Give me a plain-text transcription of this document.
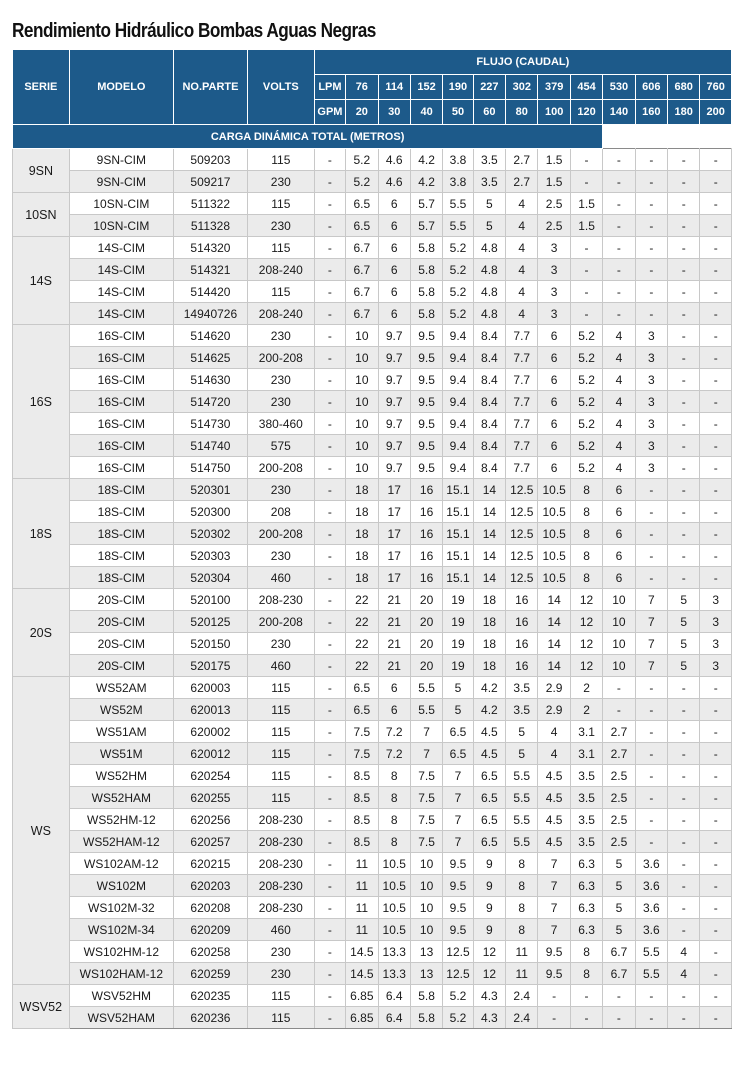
Rendimiento Hidráulico Bombas Aguas Negras
SERIE	MODELO	NO.PARTE	VOLTS	FLUJO (CAUDAL)												
				LPM	76	114	152	190	227	302	379	454	530	606	680	760
				GPM	20	30	40	50	60	80	100	120	140	160	180	200
CARGA DINÁMICA TOTAL (METROS)																
9SN	9SN-CIM	509203	115	-	5.2	4.6	4.2	3.8	3.5	2.7	1.5	-	-	-	-	-
	9SN-CIM	509217	230	-	5.2	4.6	4.2	3.8	3.5	2.7	1.5	-	-	-	-	-
10SN	10SN-CIM	511322	115	-	6.5	6	5.7	5.5	5	4	2.5	1.5	-	-	-	-
	10SN-CIM	511328	230	-	6.5	6	5.7	5.5	5	4	2.5	1.5	-	-	-	-
14S	14S-CIM	514320	115	-	6.7	6	5.8	5.2	4.8	4	3	-	-	-	-	-
	14S-CIM	514321	208-240	-	6.7	6	5.8	5.2	4.8	4	3	-	-	-	-	-
	14S-CIM	514420	115	-	6.7	6	5.8	5.2	4.8	4	3	-	-	-	-	-
	14S-CIM	14940726	208-240	-	6.7	6	5.8	5.2	4.8	4	3	-	-	-	-	-
16S	16S-CIM	514620	230	-	10	9.7	9.5	9.4	8.4	7.7	6	5.2	4	3	-	-
	16S-CIM	514625	200-208	-	10	9.7	9.5	9.4	8.4	7.7	6	5.2	4	3	-	-
	16S-CIM	514630	230	-	10	9.7	9.5	9.4	8.4	7.7	6	5.2	4	3	-	-
	16S-CIM	514720	230	-	10	9.7	9.5	9.4	8.4	7.7	6	5.2	4	3	-	-
	16S-CIM	514730	380-460	-	10	9.7	9.5	9.4	8.4	7.7	6	5.2	4	3	-	-
	16S-CIM	514740	575	-	10	9.7	9.5	9.4	8.4	7.7	6	5.2	4	3	-	-
	16S-CIM	514750	200-208	-	10	9.7	9.5	9.4	8.4	7.7	6	5.2	4	3	-	-
18S	18S-CIM	520301	230	-	18	17	16	15.1	14	12.5	10.5	8	6	-	-	-
	18S-CIM	520300	208	-	18	17	16	15.1	14	12.5	10.5	8	6	-	-	-
	18S-CIM	520302	200-208	-	18	17	16	15.1	14	12.5	10.5	8	6	-	-	-
	18S-CIM	520303	230	-	18	17	16	15.1	14	12.5	10.5	8	6	-	-	-
	18S-CIM	520304	460	-	18	17	16	15.1	14	12.5	10.5	8	6	-	-	-
20S	20S-CIM	520100	208-230	-	22	21	20	19	18	16	14	12	10	7	5	3
	20S-CIM	520125	200-208	-	22	21	20	19	18	16	14	12	10	7	5	3
	20S-CIM	520150	230	-	22	21	20	19	18	16	14	12	10	7	5	3
	20S-CIM	520175	460	-	22	21	20	19	18	16	14	12	10	7	5	3
WS	WS52AM	620003	115	-	6.5	6	5.5	5	4.2	3.5	2.9	2	-	-	-	-
	WS52M	620013	115	-	6.5	6	5.5	5	4.2	3.5	2.9	2	-	-	-	-
	WS51AM	620002	115	-	7.5	7.2	7	6.5	4.5	5	4	3.1	2.7	-	-	-
	WS51M	620012	115	-	7.5	7.2	7	6.5	4.5	5	4	3.1	2.7	-	-	-
	WS52HM	620254	115	-	8.5	8	7.5	7	6.5	5.5	4.5	3.5	2.5	-	-	-
	WS52HAM	620255	115	-	8.5	8	7.5	7	6.5	5.5	4.5	3.5	2.5	-	-	-
	WS52HM-12	620256	208-230	-	8.5	8	7.5	7	6.5	5.5	4.5	3.5	2.5	-	-	-
	WS52HAM-12	620257	208-230	-	8.5	8	7.5	7	6.5	5.5	4.5	3.5	2.5	-	-	-
	WS102AM-12	620215	208-230	-	11	10.5	10	9.5	9	8	7	6.3	5	3.6	-	-
	WS102M	620203	208-230	-	11	10.5	10	9.5	9	8	7	6.3	5	3.6	-	-
	WS102M-32	620208	208-230	-	11	10.5	10	9.5	9	8	7	6.3	5	3.6	-	-
	WS102M-34	620209	460	-	11	10.5	10	9.5	9	8	7	6.3	5	3.6	-	-
	WS102HM-12	620258	230	-	14.5	13.3	13	12.5	12	11	9.5	8	6.7	5.5	4	-
	WS102HAM-12	620259	230	-	14.5	13.3	13	12.5	12	11	9.5	8	6.7	5.5	4	-
WSV52	WSV52HM	620235	115	-	6.85	6.4	5.8	5.2	4.3	2.4	-	-	-	-	-	-
	WSV52HAM	620236	115	-	6.85	6.4	5.8	5.2	4.3	2.4	-	-	-	-	-	-
